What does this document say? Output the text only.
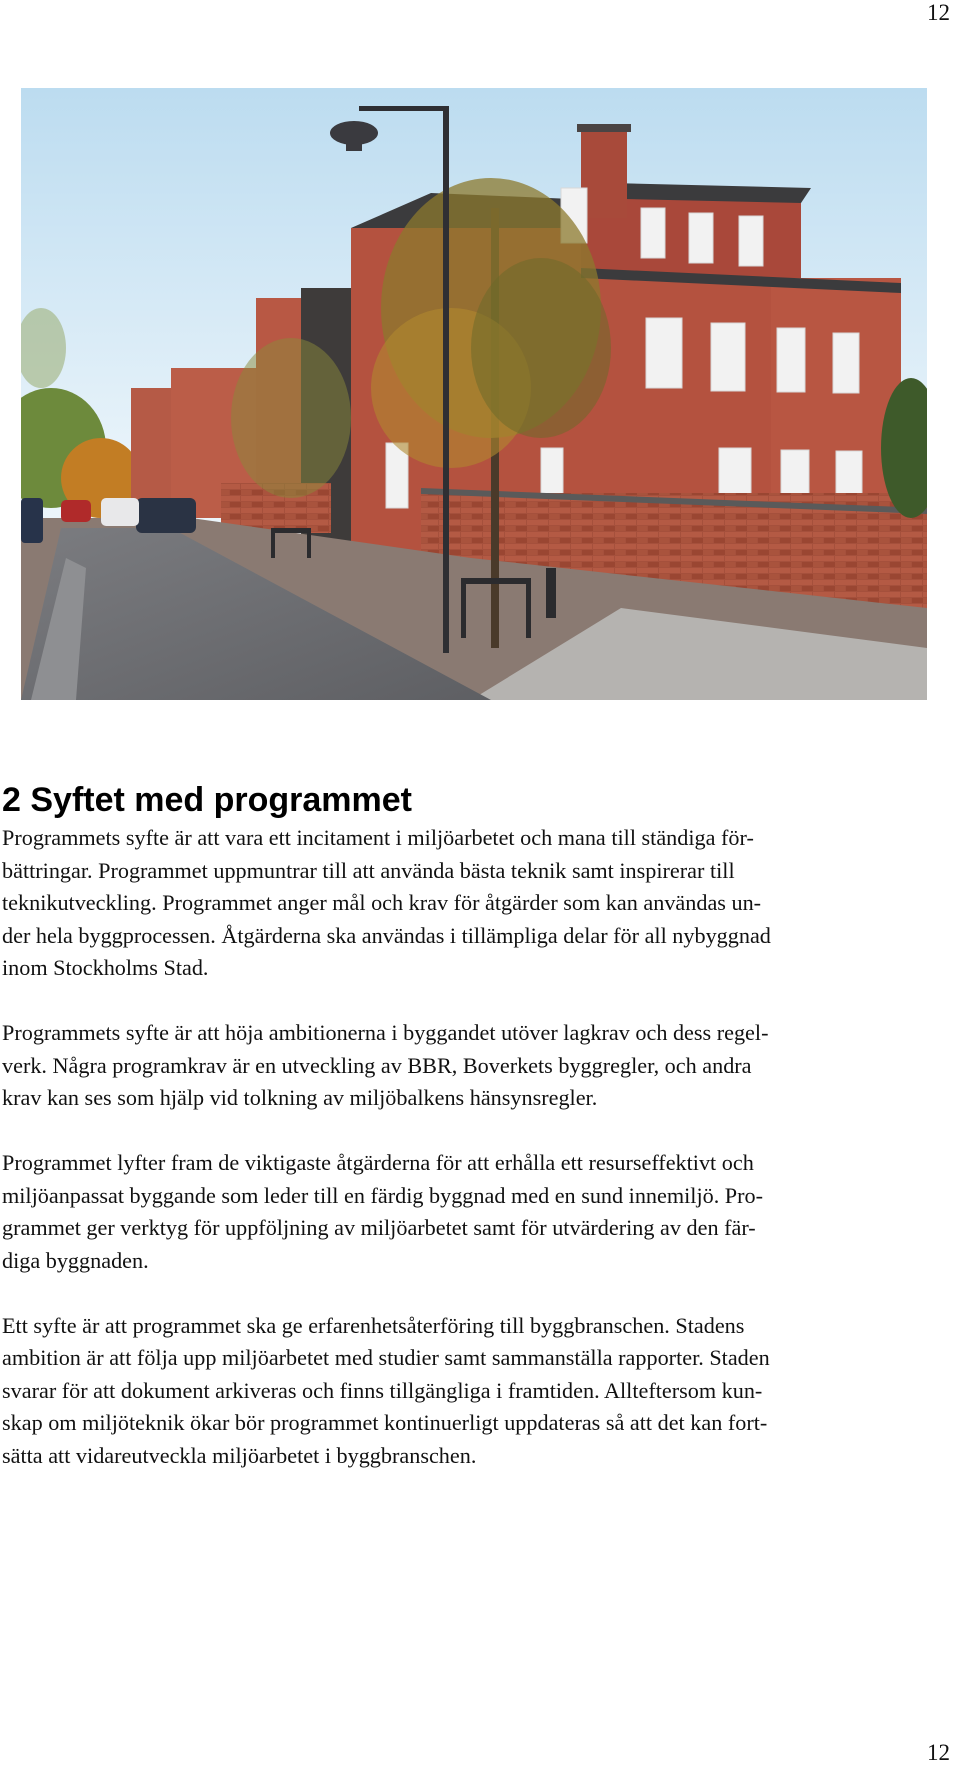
12
2 Syftet med programmet

Programmets syfte är att vara ett incitament i miljöarbetet och mana till ständiga för-
bättringar. Programmet uppmuntrar till att använda bästa teknik samt inspirerar till
teknikutveckling. Programmet anger mål och krav för åtgärder som kan användas un-
der hela byggprocessen. Åtgärderna ska användas i tillämpliga delar för all nybyggnad
inom Stockholms Stad.

Programmets syfte är att höja ambitionerna i byggandet utöver lagkrav och dess regel-
verk. Några programkrav är en utveckling av BBR, Boverkets byggregler, och andra
krav kan ses som hjälp vid tolkning av miljöbalkens hänsynsregler.

Programmet lyfter fram de viktigaste åtgärderna för att erhålla ett resurseffektivt och
miljöanpassat byggande som leder till en färdig byggnad med en sund innemiljö. Pro-
grammet ger verktyg för uppföljning av miljöarbetet samt för utvärdering av den fär-
diga byggnaden.

Ett syfte är att programmet ska ge erfarenhetsåterföring till byggbranschen. Stadens
ambition är att följa upp miljöarbetet med studier samt sammanställa rapporter. Staden
svarar för att dokument arkiveras och finns tillgängliga i framtiden. Allteftersom kun-
skap om miljöteknik ökar bör programmet kontinuerligt uppdateras så att det kan fort-
sätta att vidareutveckla miljöarbetet i byggbranschen.

12
